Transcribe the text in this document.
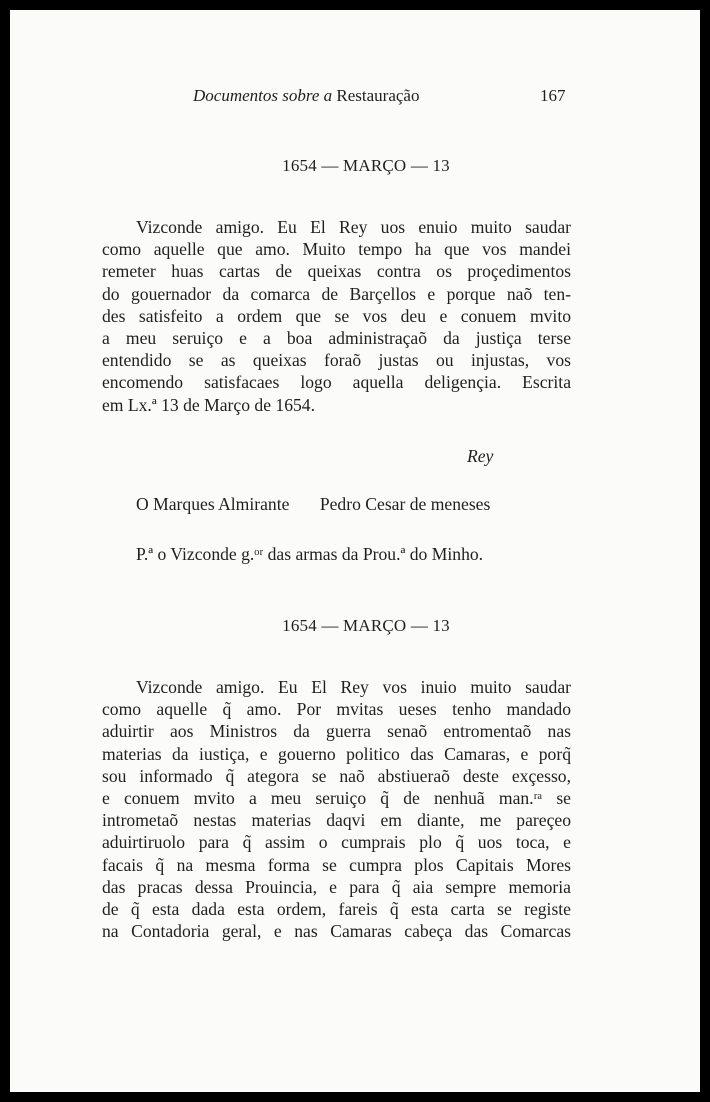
Documentos sobre a Restauração	167
1654 — MARÇO — 13
Vizconde amigo. Eu El Rey uos enuio muito saudar
como aquelle que amo. Muito tempo ha que vos mandei
remeter huas cartas de queixas contra os proçedimentos
do gouernador da comarca de Barçellos e porque naõ ten-
des satisfeito a ordem que se vos deu e conuem mvito
a meu seruiço e a boa administraçaõ da justiça terse
entendido se as queixas foraõ justas ou injustas, vos
encomendo satisfacaes logo aquella deligençia. Escrita
em Lx.ª 13 de Março de 1654.
Rey
O Marques Almirante Pedro Cesar de meneses
P.ª o Vizconde g.ᵒʳ das armas da Prou.ª do Minho.
1654 — MARÇO — 13
Vizconde amigo. Eu El Rey vos inuio muito saudar
como aquelle q̃ amo. Por mvitas ueses tenho mandado
aduirtir aos Ministros da guerra senaõ entromentaõ nas
materias da iustiça, e gouerno politico das Camaras, e porq̃
sou informado q̃ ategora se naõ abstiueraõ deste exçesso,
e conuem mvito a meu seruiço q̃ de nenhuã man.ʳᵃ se
intrometaõ nestas materias daqvi em diante, me pareçeo
aduirtiruolo para q̃ assim o cumprais plo q̃ uos toca, e
facais q̃ na mesma forma se cumpra plos Capitais Mores
das pracas dessa Prouincia, e para q̃ aia sempre memoria
de q̃ esta dada esta ordem, fareis q̃ esta carta se registe
na Contadoria geral, e nas Camaras cabeça das Comarcas
